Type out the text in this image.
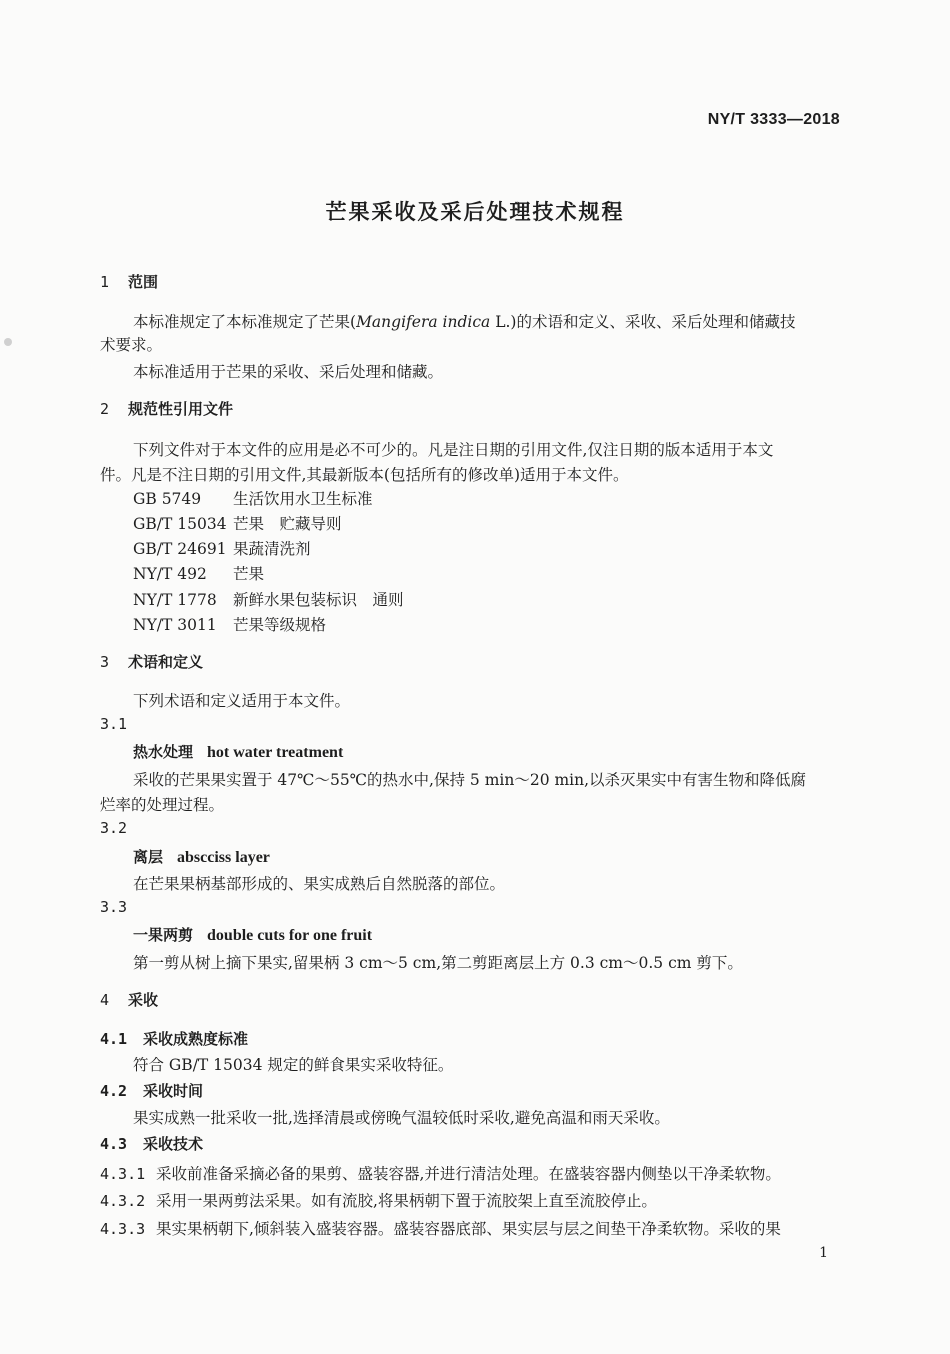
NY/T 3333—2018
芒果采收及采后处理技术规程
1 范围
本标准规定了本标准规定了芒果(Mangifera indica L.)的术语和定义、采收、采后处理和储藏技
术要求。
本标准适用于芒果的采收、采后处理和储藏。
2 规范性引用文件
下列文件对于本文件的应用是必不可少的。凡是注日期的引用文件,仅注日期的版本适用于本文
件。凡是不注日期的引用文件,其最新版本(包括所有的修改单)适用于本文件。
GB 5749 生活饮用水卫生标准
GB/T 15034 芒果　贮藏导则
GB/T 24691 果蔬清洗剂
NY/T 492 芒果
NY/T 1778 新鲜水果包装标识　通则
NY/T 3011 芒果等级规格
3 术语和定义
下列术语和定义适用于本文件。
3.1
热水处理 hot water treatment
采收的芒果果实置于 47℃～55℃的热水中,保持 5 min～20 min,以杀灭果实中有害生物和降低腐
烂率的处理过程。
3.2
离层 abscciss layer
在芒果果柄基部形成的、果实成熟后自然脱落的部位。
3.3
一果两剪 double cuts for one fruit
第一剪从树上摘下果实,留果柄 3 cm～5 cm,第二剪距离层上方 0.3 cm～0.5 cm 剪下。
4 采收
4.1 采收成熟度标准
符合 GB/T 15034 规定的鲜食果实采收特征。
4.2 采收时间
果实成熟一批采收一批,选择清晨或傍晚气温较低时采收,避免高温和雨天采收。
4.3 采收技术
4.3.1 采收前准备采摘必备的果剪、盛装容器,并进行清洁处理。在盛装容器内侧垫以干净柔软物。
4.3.2 采用一果两剪法采果。如有流胶,将果柄朝下置于流胶架上直至流胶停止。
4.3.3 果实果柄朝下,倾斜装入盛装容器。盛装容器底部、果实层与层之间垫干净柔软物。采收的果
1
